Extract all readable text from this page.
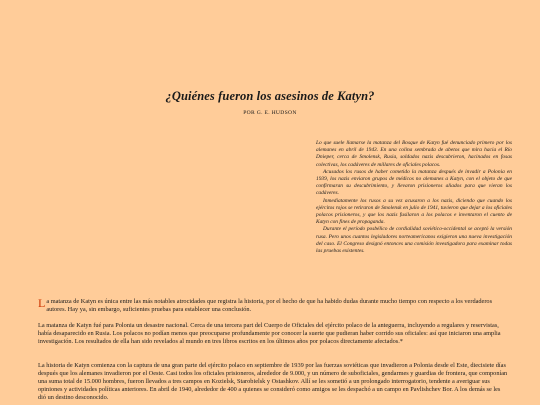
¿Quiénes fueron los asesinos de Katyn?

POR G. E. HUDSON

Lo que suele llamarse la matanza del Bosque de Katyn fué denunciado primero por los alemanes en abril de 1943. En una colina sembrada de abetos que mira hacia el Río Dnieper, cerca de Smolensk, Rusia, soldados nazis descubrieron, hacinados en fosas colectivas, los cadáveres de millares de oficiales polacos.

Acusados los rusos de haber cometido la matanza después de invadir a Polonia en 1939, los nazis enviaron grupos de médicos no alemanes a Katyn, con el objeto de que confirmaran su descubrimiento, y llevaron prisioneros aliados para que vieran los cadáveres.

Inmediatamente los rusos a su vez acusaron a los nazis, diciendo que cuando los ejércitos rojos se retiraron de Smolensk en julio de 1941, tuvieron que dejar a los oficiales polacos prisioneros, y que los nazis fusilaron a los polacos e inventaron el cuento de Katyn con fines de propaganda.

Durante el período posbélico de cordialidad soviético-occidental se aceptó la versión rusa. Pero unos cuantos legisladores norteamericanos exigieron una nueva investigación del caso. El Congreso designó entonces una comisión investigadora para examinar todas las pruebas existentes.

La matanza de Katyn es única entre las más notables atrocidades que registra la historia, por el hecho de que ha habido dudas durante mucho tiempo con respecto a los verdaderos autores. Hay ya, sin embargo, suficientes pruebas para establecer una conclusión.

La matanza de Katyn fué para Polonia un desastre nacional. Cerca de una tercera part del Cuerpo de Oficiales del ejército polaco de la anteguerra, incluyendo a regulares y reservistas, había desaparecido en Rusia. Los polacos no podían menos que preocuparse profundamente por conocer la suerte que pudieran haber corrido sus oficiales: así que iniciaron una amplia investigación. Los resultados de ella han sido revelados al mundo en tres libros escritos en los últimos años por polacos directamente afectados.*

La historia de Katyn comienza con la captura de una gran parte del ejército polaco en septiembre de 1939 por las fuerzas soviéticas que invadieron a Polonia desde el Este, diecisiete días después que los alemanes invadieron por el Oeste. Casi todos los oficiales prisioneros, alrededor de 9.000, y un número de suboficiales, gendarmes y guardias de frontera, que componían una suma total de 15.000 hombres, fueron llevados a tres campos en Kozielsk, Starobielsk y Ostashkov. Allí se les sometió a un prolongado interrogatorio, tendente a averiguar sus opiniones y actividades políticas anteriores. En abril de 1940, alrededor de 400 a quienes se consideró como amigos se les despachó a un campo en Pavlishchev Bor. A los demás se les dió un destino desconocido.
